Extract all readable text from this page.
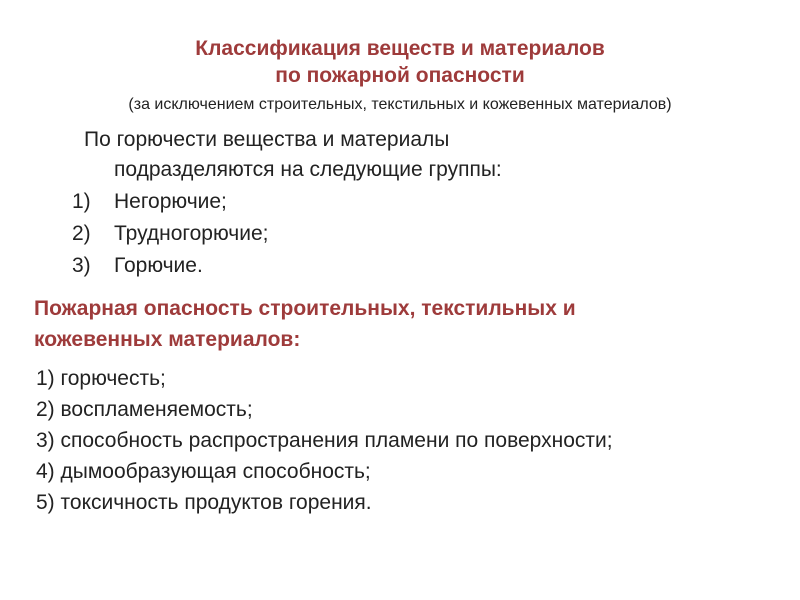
Классификация веществ и материалов
по пожарной опасности
(за исключением строительных, текстильных и кожевенных материалов)
По горючести вещества и материалы
подразделяются на следующие группы:
1) Негорючие;
2) Трудногорючие;
3) Горючие.
Пожарная опасность строительных, текстильных и
кожевенных материалов:
1) горючесть;
2) воспламеняемость;
3) способность распространения пламени по поверхности;
4) дымообразующая способность;
5) токсичность продуктов горения.
